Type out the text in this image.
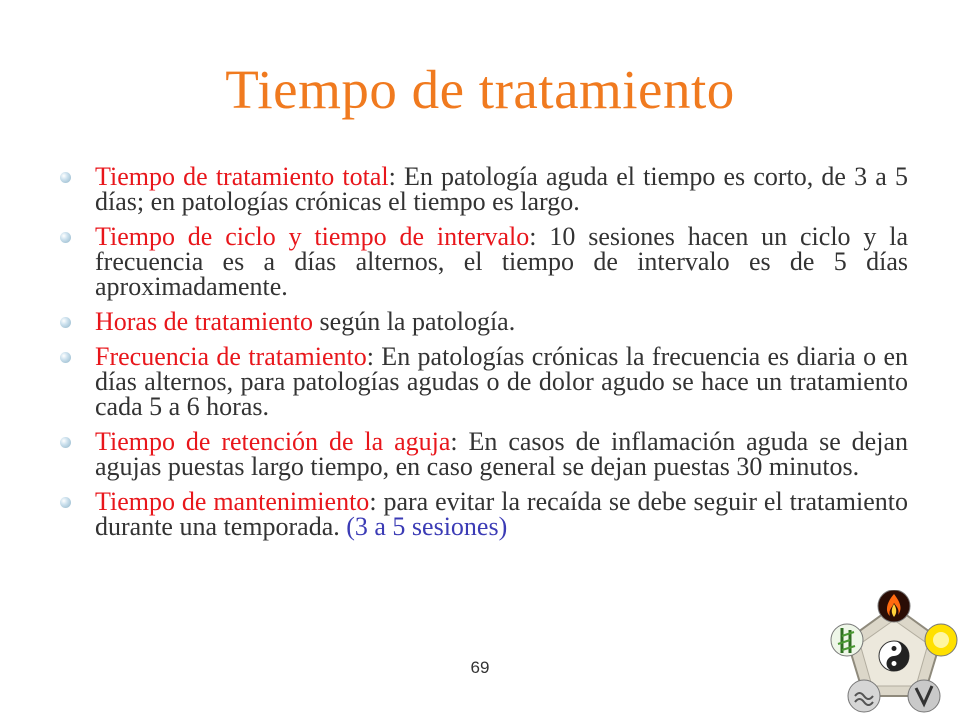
Tiempo de tratamiento
Tiempo de tratamiento total: En patología aguda el tiempo es corto, de 3 a 5 días; en patologías crónicas el tiempo es largo.
Tiempo de ciclo y tiempo de intervalo: 10 sesiones hacen un ciclo y la frecuencia es a días alternos, el tiempo de intervalo es de 5 días aproximadamente.
Horas de tratamiento según la patología.
Frecuencia de tratamiento: En patologías crónicas la frecuencia es diaria o en días alternos, para patologías agudas o de dolor agudo se hace un tratamiento cada 5 a 6 horas.
Tiempo de retención de la aguja: En casos de inflamación aguda se dejan agujas puestas largo tiempo, en caso general se dejan puestas 30 minutos.
Tiempo de mantenimiento: para evitar la recaída se debe seguir el tratamiento durante una temporada. (3 a 5 sesiones)
69
